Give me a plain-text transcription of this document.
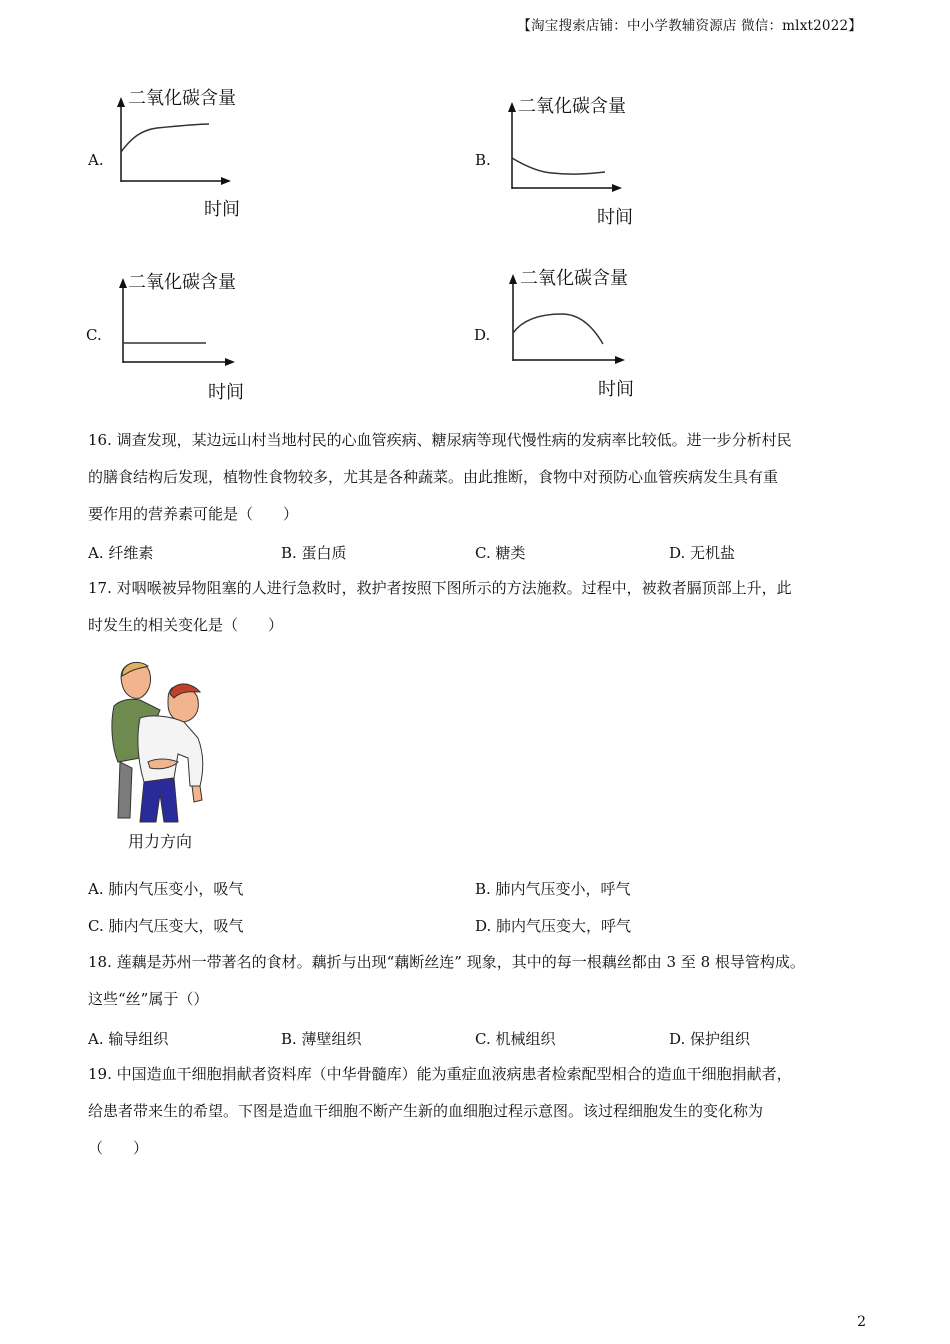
【淘宝搜索店铺：中小学教辅资源店 微信：mlxt2022】
A.
二氧化碳含量
时间
B.
二氧化碳含量
时间
C.
二氧化碳含量
时间
D.
二氧化碳含量
时间
16. 调查发现，某边远山村当地村民的心血管疾病、糖尿病等现代慢性病的发病率比较低。进一步分析村民
的膳食结构后发现，植物性食物较多，尤其是各种蔬菜。由此推断，食物中对预防心血管疾病发生具有重
要作用的营养素可能是（　　）
A. 纤维素	B. 蛋白质	C. 糖类	D. 无机盐
17. 对咽喉被异物阻塞的人进行急救时，救护者按照下图所示的方法施救。过程中，被救者膈顶部上升，此
时发生的相关变化是（　　）
用力方向
A. 肺内气压变小，吸气	B. 肺内气压变小，呼气
C. 肺内气压变大，吸气	D. 肺内气压变大，呼气
18. 莲藕是苏州一带著名的食材。藕折与出现“藕断丝连” 现象，其中的每一根藕丝都由 3 至 8 根导管构成。
这些“丝”属于（）
A. 输导组织	B. 薄壁组织	C. 机械组织	D. 保护组织
19. 中国造血干细胞捐献者资料库（中华骨髓库）能为重症血液病患者检索配型相合的造血干细胞捐献者，
给患者带来生的希望。下图是造血干细胞不断产生新的血细胞过程示意图。该过程细胞发生的变化称为
（　　）
2
